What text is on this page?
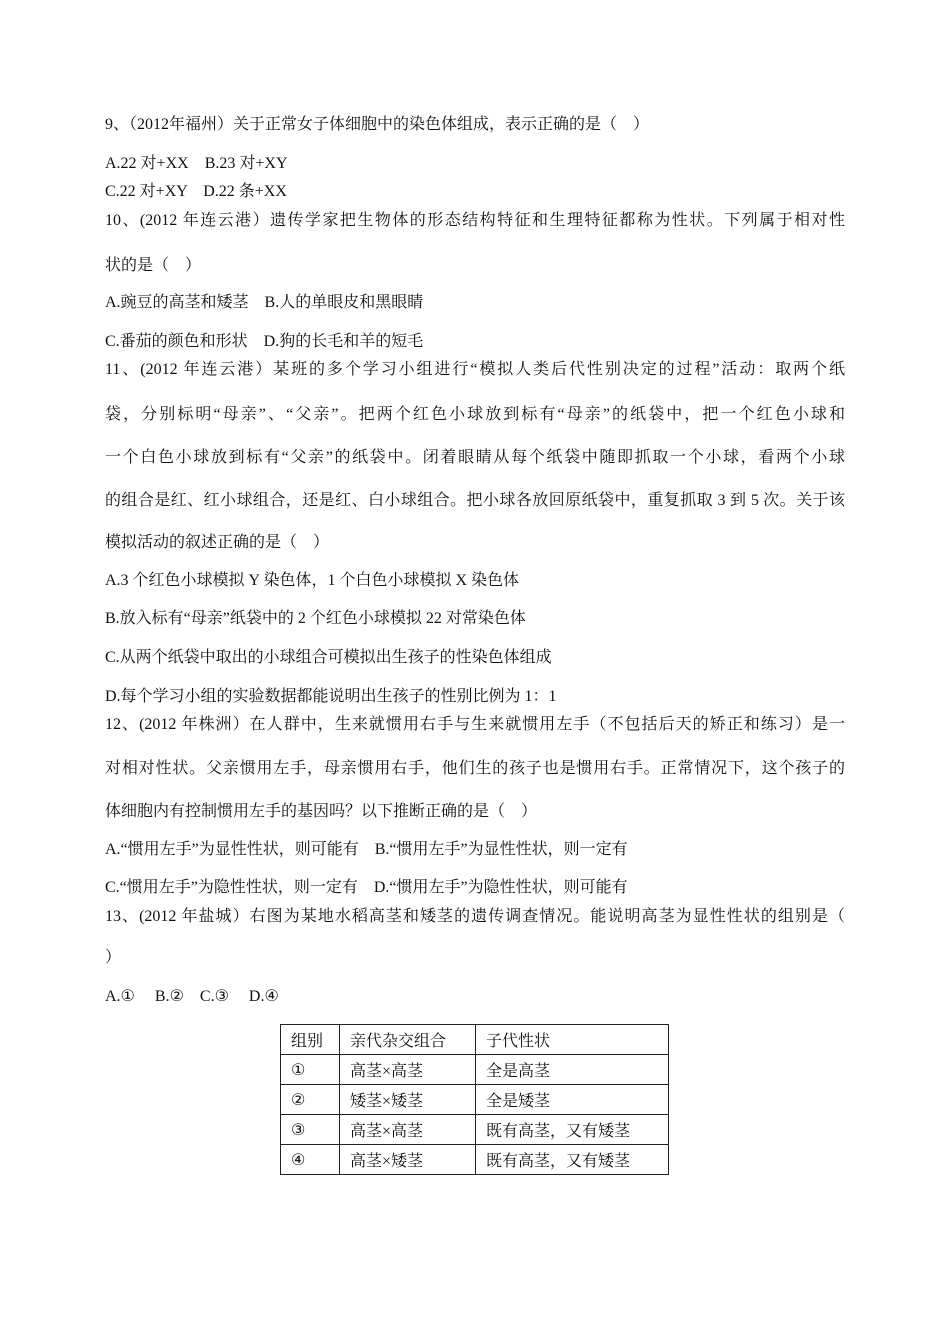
9、（2012年福州）关于正常女子体细胞中的染色体组成，表示正确的是（　）
A.22 对+XX　B.23 对+XY
C.22 对+XY　D.22 条+XX
10、(2012 年连云港）遗传学家把生物体的形态结构特征和生理特征都称为性状。下列属于相对性
状的是（　）
A.豌豆的高茎和矮茎　B.人的单眼皮和黑眼睛
C.番茄的颜色和形状　D.狗的长毛和羊的短毛
11、(2012 年连云港）某班的多个学习小组进行“模拟人类后代性别决定的过程”活动：取两个纸
袋，分别标明“母亲”、“父亲”。把两个红色小球放到标有“母亲”的纸袋中，把一个红色小球和
一个白色小球放到标有“父亲”的纸袋中。闭着眼睛从每个纸袋中随即抓取一个小球，看两个小球
的组合是红、红小球组合，还是红、白小球组合。把小球各放回原纸袋中，重复抓取 3 到 5 次。关于该
模拟活动的叙述正确的是（　）
A.3 个红色小球模拟 Y 染色体，1 个白色小球模拟 X 染色体
B.放入标有“母亲”纸袋中的 2 个红色小球模拟 22 对常染色体
C.从两个纸袋中取出的小球组合可模拟出生孩子的性染色体组成
D.每个学习小组的实验数据都能说明出生孩子的性别比例为 1：1
12、(2012 年株洲）在人群中，生来就惯用右手与生来就惯用左手（不包括后天的矫正和练习）是一
对相对性状。父亲惯用左手，母亲惯用右手，他们生的孩子也是惯用右手。正常情况下，这个孩子的
体细胞内有控制惯用左手的基因吗？以下推断正确的是（　）
A.“惯用左手”为显性性状，则可能有　B.“惯用左手”为显性性状，则一定有
C.“惯用左手”为隐性性状，则一定有　D.“惯用左手”为隐性性状，则可能有
13、(2012 年盐城）右图为某地水稻高茎和矮茎的遗传调查情况。能说明高茎为显性性状的组别是（
）
A.①　 B.②　C.③　 D.④
组别	亲代杂交组合	子代性状
①	高茎×高茎	全是高茎
②	矮茎×矮茎	全是矮茎
③	高茎×高茎	既有高茎，又有矮茎
④	高茎×矮茎	既有高茎，又有矮茎
